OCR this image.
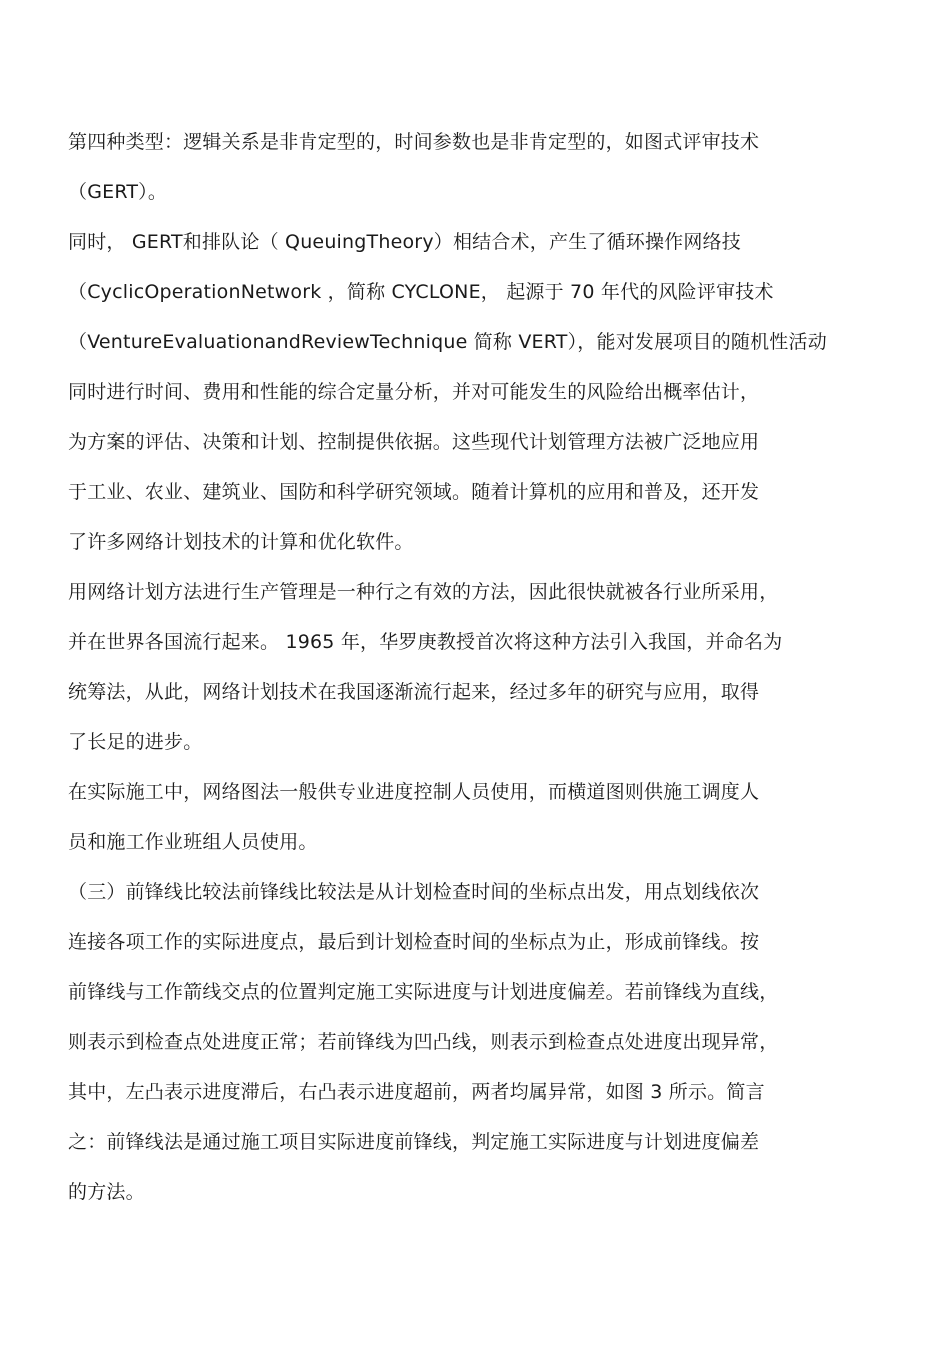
第四种类型：逻辑关系是非肯定型的，时间参数也是非肯定型的，如图式评审技术
（GERT）。
同时， GERT和排队论（ QueuingTheory）相结合术，产生了循环操作网络技
（CyclicOperationNetwork ，简称 CYCLONE， 起源于 70 年代的风险评审技术
（VentureEvaluationandReviewTechnique 简称 VERT），能对发展项目的随机性活动
同时进行时间、费用和性能的综合定量分析，并对可能发生的风险给出概率估计，
为方案的评估、决策和计划、控制提供依据。这些现代计划管理方法被广泛地应用
于工业、农业、建筑业、国防和科学研究领域。随着计算机的应用和普及，还开发
了许多网络计划技术的计算和优化软件。
用网络计划方法进行生产管理是一种行之有效的方法，因此很快就被各行业所采用，
并在世界各国流行起来。 1965 年，华罗庚教授首次将这种方法引入我国，并命名为
统筹法，从此，网络计划技术在我国逐渐流行起来，经过多年的研究与应用，取得
了长足的进步。
在实际施工中，网络图法一般供专业进度控制人员使用，而横道图则供施工调度人
员和施工作业班组人员使用。
（三）前锋线比较法前锋线比较法是从计划检查时间的坐标点出发，用点划线依次
连接各项工作的实际进度点，最后到计划检查时间的坐标点为止，形成前锋线。按
前锋线与工作箭线交点的位置判定施工实际进度与计划进度偏差。若前锋线为直线，
则表示到检查点处进度正常；若前锋线为凹凸线，则表示到检查点处进度出现异常，
其中，左凸表示进度滞后，右凸表示进度超前，两者均属异常，如图 3 所示。简言
之：前锋线法是通过施工项目实际进度前锋线，判定施工实际进度与计划进度偏差
的方法。
